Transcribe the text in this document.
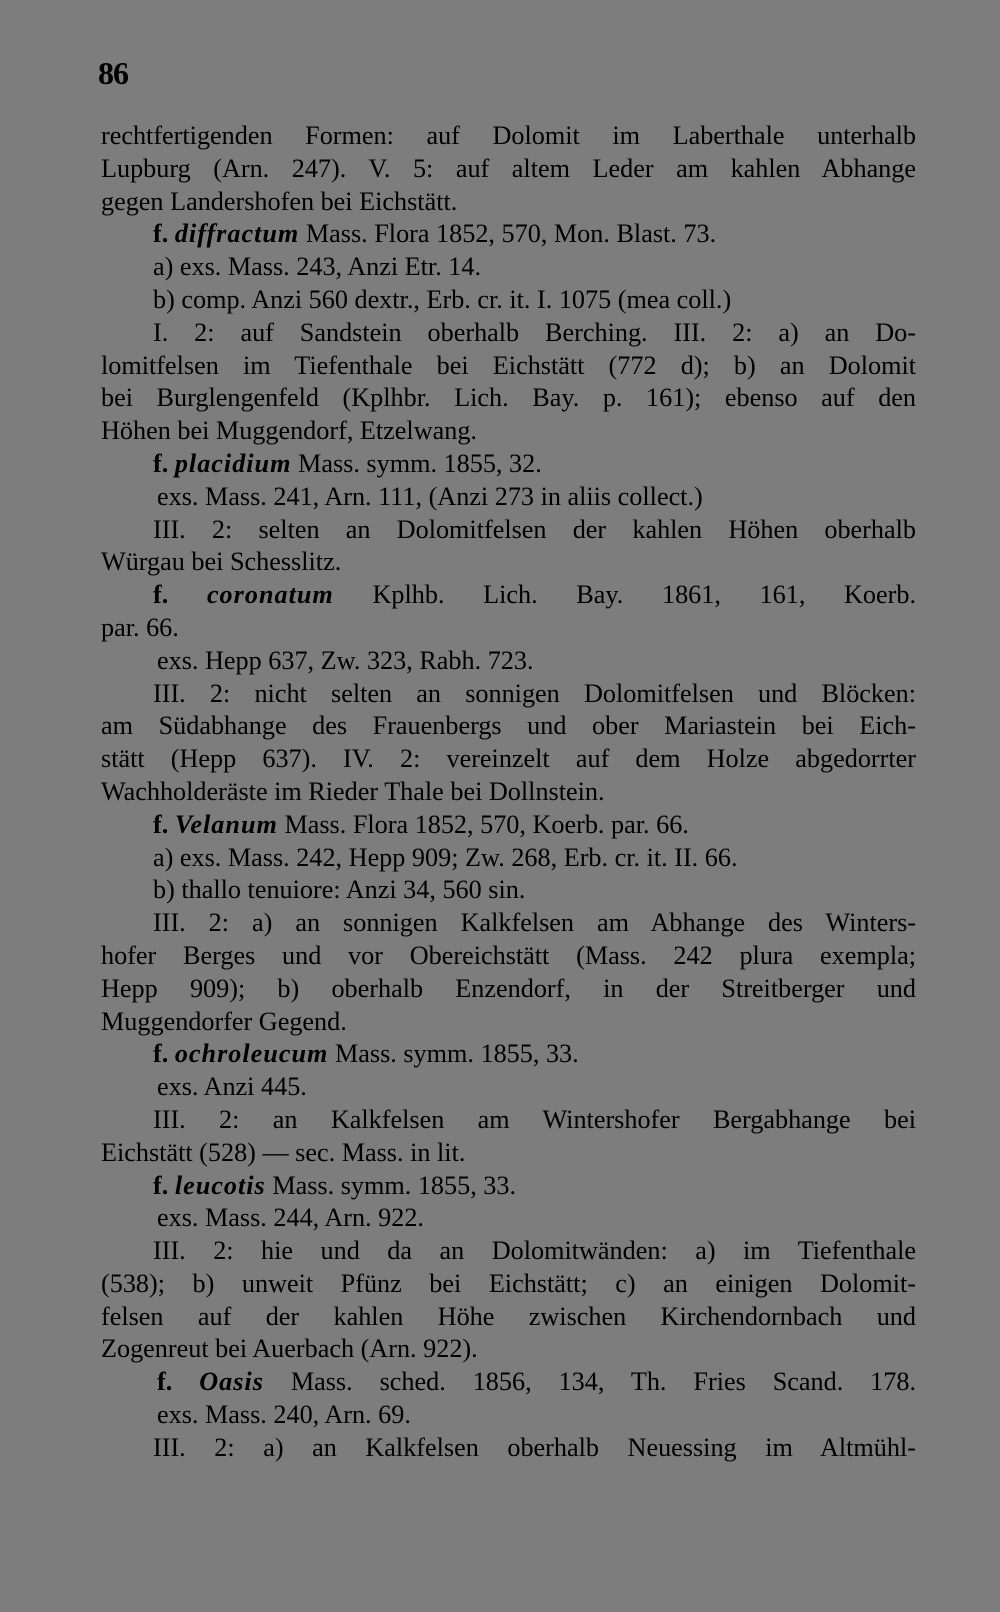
86
rechtfertigenden Formen: auf Dolomit im Laberthale unterhalb
Lupburg (Arn. 247). V. 5: auf altem Leder am kahlen Abhange
gegen Landershofen bei Eichstätt.
f. diffractum Mass. Flora 1852, 570, Mon. Blast. 73.
a) exs. Mass. 243, Anzi Etr. 14.
b) comp. Anzi 560 dextr., Erb. cr. it. I. 1075 (mea coll.)
I. 2: auf Sandstein oberhalb Berching. III. 2: a) an Do-
lomitfelsen im Tiefenthale bei Eichstätt (772 d); b) an Dolomit
bei Burglengenfeld (Kplhbr. Lich. Bay. p. 161); ebenso auf den
Höhen bei Muggendorf, Etzelwang.
f. placidium Mass. symm. 1855, 32.
exs. Mass. 241, Arn. 111, (Anzi 273 in aliis collect.)
III. 2: selten an Dolomitfelsen der kahlen Höhen oberhalb
Würgau bei Schesslitz.
f. coronatum Kplhb. Lich. Bay. 1861, 161, Koerb.
par. 66.
exs. Hepp 637, Zw. 323, Rabh. 723.
III. 2: nicht selten an sonnigen Dolomitfelsen und Blöcken:
am Südabhange des Frauenbergs und ober Mariastein bei Eich-
stätt (Hepp 637). IV. 2: vereinzelt auf dem Holze abgedorrter
Wachholderäste im Rieder Thale bei Dollnstein.
f. Velanum Mass. Flora 1852, 570, Koerb. par. 66.
a) exs. Mass. 242, Hepp 909; Zw. 268, Erb. cr. it. II. 66.
b) thallo tenuiore: Anzi 34, 560 sin.
III. 2: a) an sonnigen Kalkfelsen am Abhange des Winters-
hofer Berges und vor Obereichstätt (Mass. 242 plura exempla;
Hepp 909); b) oberhalb Enzendorf, in der Streitberger und
Muggendorfer Gegend.
f. ochroleucum Mass. symm. 1855, 33.
exs. Anzi 445.
III. 2: an Kalkfelsen am Wintershofer Bergabhange bei
Eichstätt (528) — sec. Mass. in lit.
f. leucotis Mass. symm. 1855, 33.
exs. Mass. 244, Arn. 922.
III. 2: hie und da an Dolomitwänden: a) im Tiefenthale
(538); b) unweit Pfünz bei Eichstätt; c) an einigen Dolomit-
felsen auf der kahlen Höhe zwischen Kirchendornbach und
Zogenreut bei Auerbach (Arn. 922).
f. Oasis Mass. sched. 1856, 134, Th. Fries Scand. 178.
exs. Mass. 240, Arn. 69.
III. 2: a) an Kalkfelsen oberhalb Neuessing im Altmühl-
